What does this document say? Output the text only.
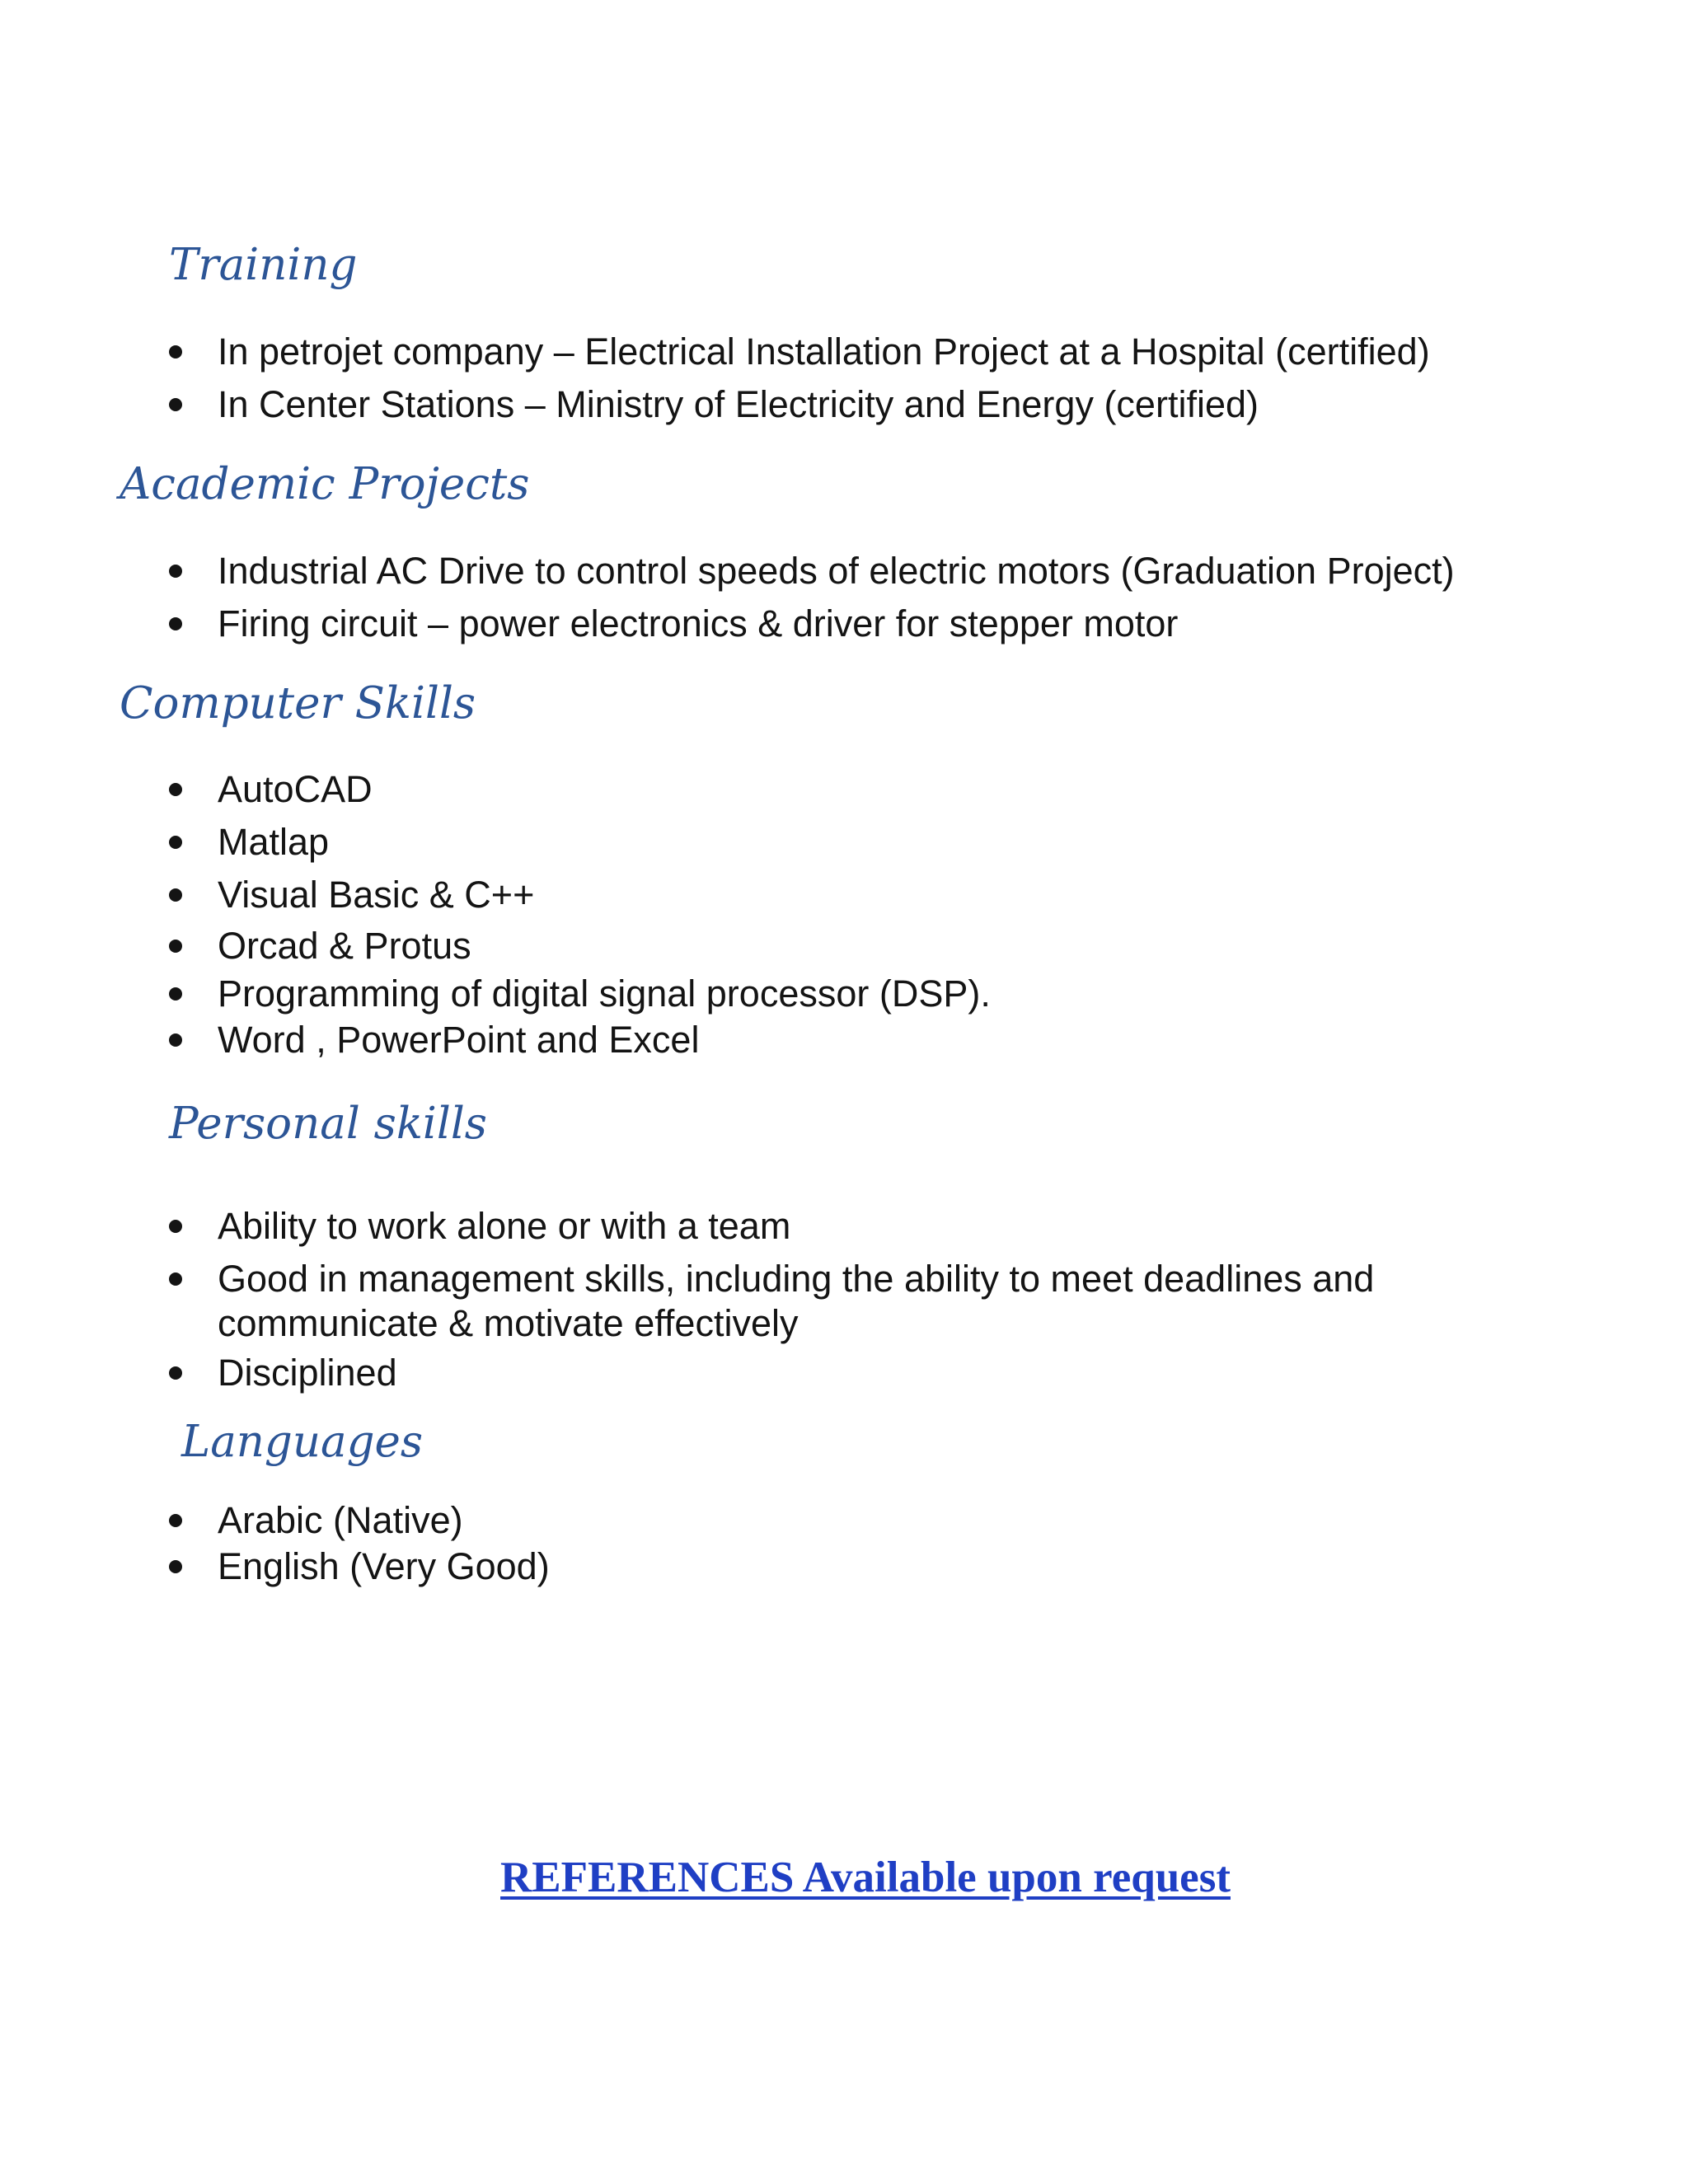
Training
In petrojet company – Electrical Installation Project at a Hospital (certified)
In Center Stations – Ministry of Electricity and Energy (certified)
Academic Projects
Industrial AC Drive to control speeds of electric motors (Graduation Project)
Firing circuit – power electronics & driver for stepper motor
Computer Skills
AutoCAD
Matlap
Visual Basic & C++
Orcad & Protus
Programming of digital signal processor (DSP).
Word , PowerPoint and Excel
Personal skills
Ability to work alone or with a team
Good in management skills, including the ability to meet deadlines and communicate & motivate effectively
Disciplined
Languages
Arabic (Native)
English (Very Good)

REFERENCES Available upon request
